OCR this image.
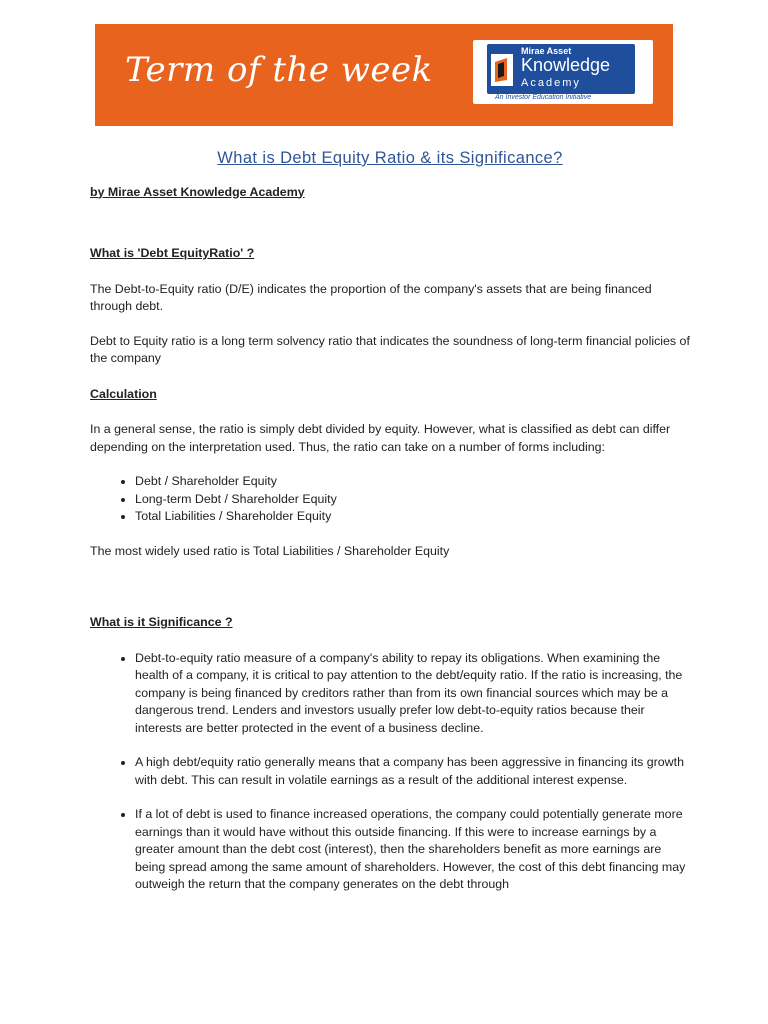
Term of the week	Mirae Asset
Knowledge
Academy
An Investor Education Initiative
What is Debt Equity Ratio & its Significance?

by Mirae Asset Knowledge Academy

What is 'Debt EquityRatio' ?

The Debt-to-Equity ratio (D/E) indicates the proportion of the company's assets that are being financed through debt.

Debt to Equity ratio is a long term solvency ratio that indicates the soundness of long-term financial policies of the company

Calculation

In a general sense, the ratio is simply debt divided by equity. However, what is classified as debt can differ depending on the interpretation used. Thus, the ratio can take on a number of forms including:

• Debt / Shareholder Equity
• Long-term Debt / Shareholder Equity
• Total Liabilities / Shareholder Equity

The most widely used ratio is Total Liabilities / Shareholder Equity

What is it Significance ?

• Debt-to-equity ratio measure of a company's ability to repay its obligations. When examining the health of a company, it is critical to pay attention to the debt/equity ratio. If the ratio is increasing, the company is being financed by creditors rather than from its own financial sources which may be a dangerous trend. Lenders and investors usually prefer low debt-to-equity ratios because their interests are better protected in the event of a business decline.
• A high debt/equity ratio generally means that a company has been aggressive in financing its growth with debt. This can result in volatile earnings as a result of the additional interest expense.
• If a lot of debt is used to finance increased operations, the company could potentially generate more earnings than it would have without this outside financing. If this were to increase earnings by a greater amount than the debt cost (interest), then the shareholders benefit as more earnings are being spread among the same amount of shareholders. However, the cost of this debt financing may outweigh the return that the company generates on the debt through
